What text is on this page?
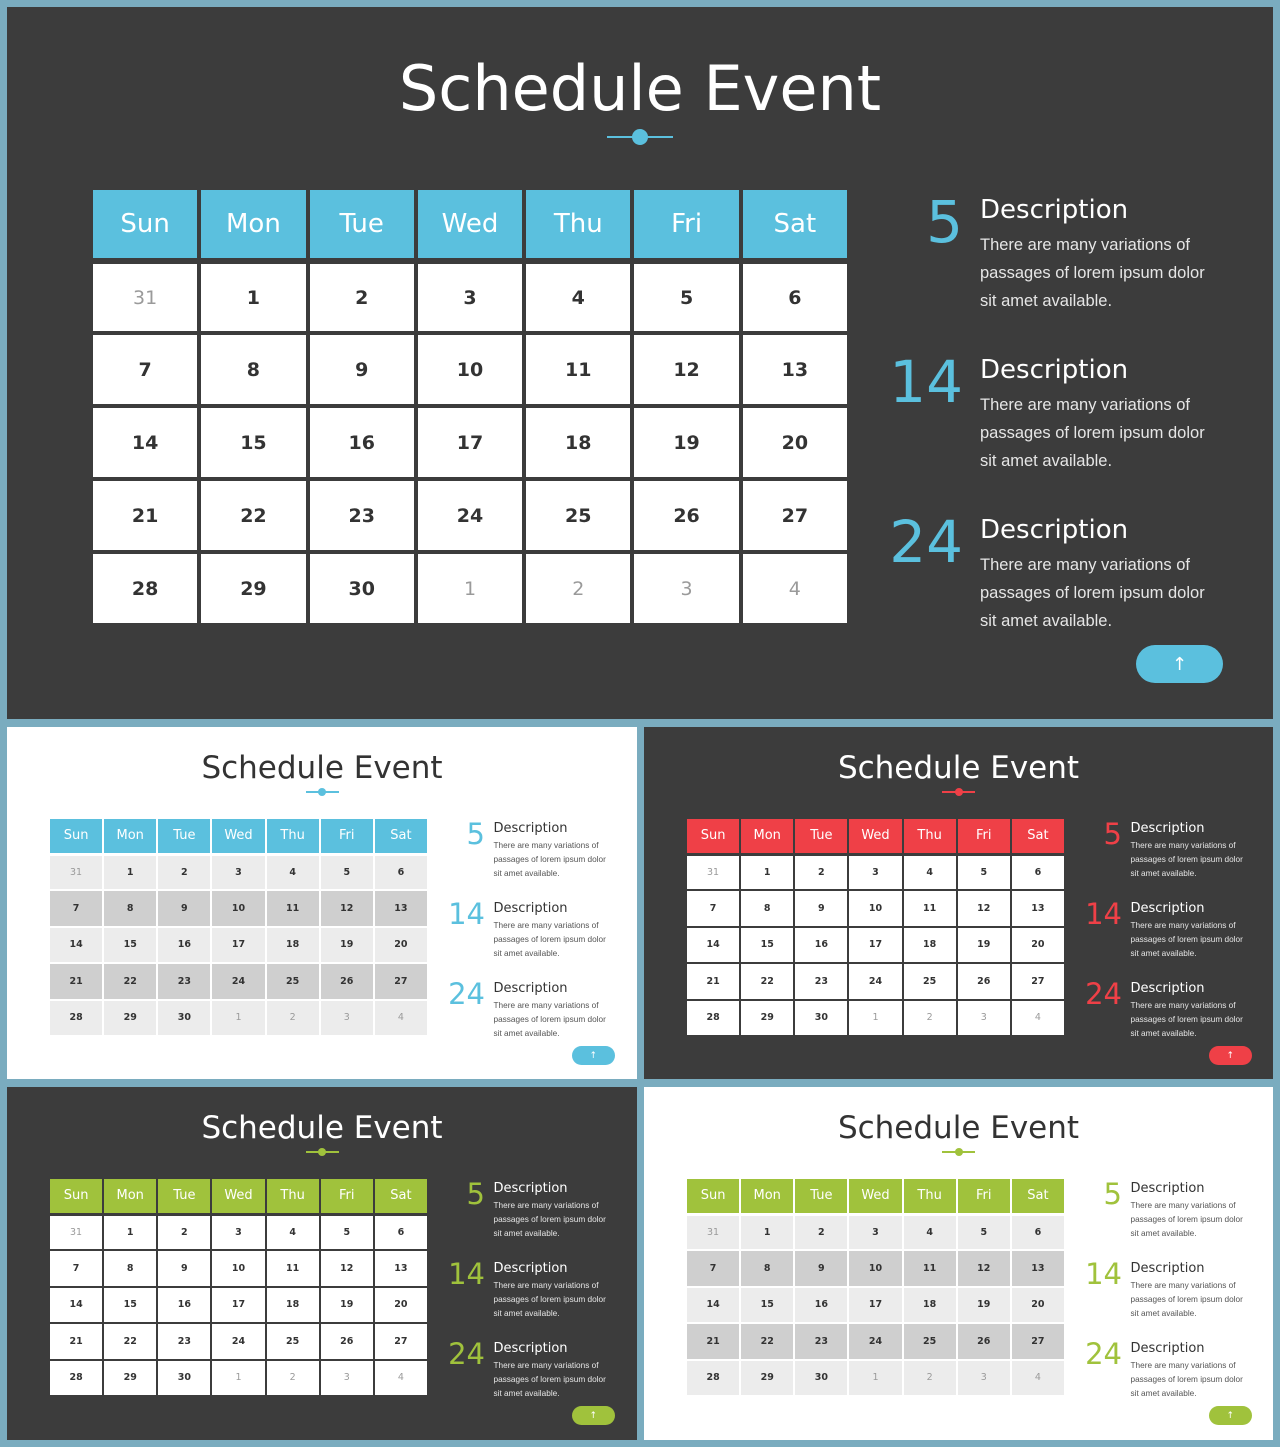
Schedule Event
Sun	Mon	Tue	Wed	Thu	Fri	Sat
31	1	2	3	4	5	6
7	8	9	10	11	12	13
14	15	16	17	18	19	20
21	22	23	24	25	26	27
28	29	30	1	2	3	4
5 Description
There are many variations of passages of lorem ipsum dolor sit amet available.
14 Description
There are many variations of passages of lorem ipsum dolor sit amet available.
24 Description
There are many variations of passages of lorem ipsum dolor sit amet available.
↑
Schedule Event
Sun	Mon	Tue	Wed	Thu	Fri	Sat
31	1	2	3	4	5	6
7	8	9	10	11	12	13
14	15	16	17	18	19	20
21	22	23	24	25	26	27
28	29	30	1	2	3	4
5 Description
There are many variations of passages of lorem ipsum dolor sit amet available.
14 Description
There are many variations of passages of lorem ipsum dolor sit amet available.
24 Description
There are many variations of passages of lorem ipsum dolor sit amet available.
↑
Schedule Event
Sun	Mon	Tue	Wed	Thu	Fri	Sat
31	1	2	3	4	5	6
7	8	9	10	11	12	13
14	15	16	17	18	19	20
21	22	23	24	25	26	27
28	29	30	1	2	3	4
5 Description
There are many variations of passages of lorem ipsum dolor sit amet available.
14 Description
There are many variations of passages of lorem ipsum dolor sit amet available.
24 Description
There are many variations of passages of lorem ipsum dolor sit amet available.
↑
Schedule Event
Sun	Mon	Tue	Wed	Thu	Fri	Sat
31	1	2	3	4	5	6
7	8	9	10	11	12	13
14	15	16	17	18	19	20
21	22	23	24	25	26	27
28	29	30	1	2	3	4
5 Description
There are many variations of passages of lorem ipsum dolor sit amet available.
14 Description
There are many variations of passages of lorem ipsum dolor sit amet available.
24 Description
There are many variations of passages of lorem ipsum dolor sit amet available.
↑
Schedule Event
Sun	Mon	Tue	Wed	Thu	Fri	Sat
31	1	2	3	4	5	6
7	8	9	10	11	12	13
14	15	16	17	18	19	20
21	22	23	24	25	26	27
28	29	30	1	2	3	4
5 Description
There are many variations of passages of lorem ipsum dolor sit amet available.
14 Description
There are many variations of passages of lorem ipsum dolor sit amet available.
24 Description
There are many variations of passages of lorem ipsum dolor sit amet available.
↑
